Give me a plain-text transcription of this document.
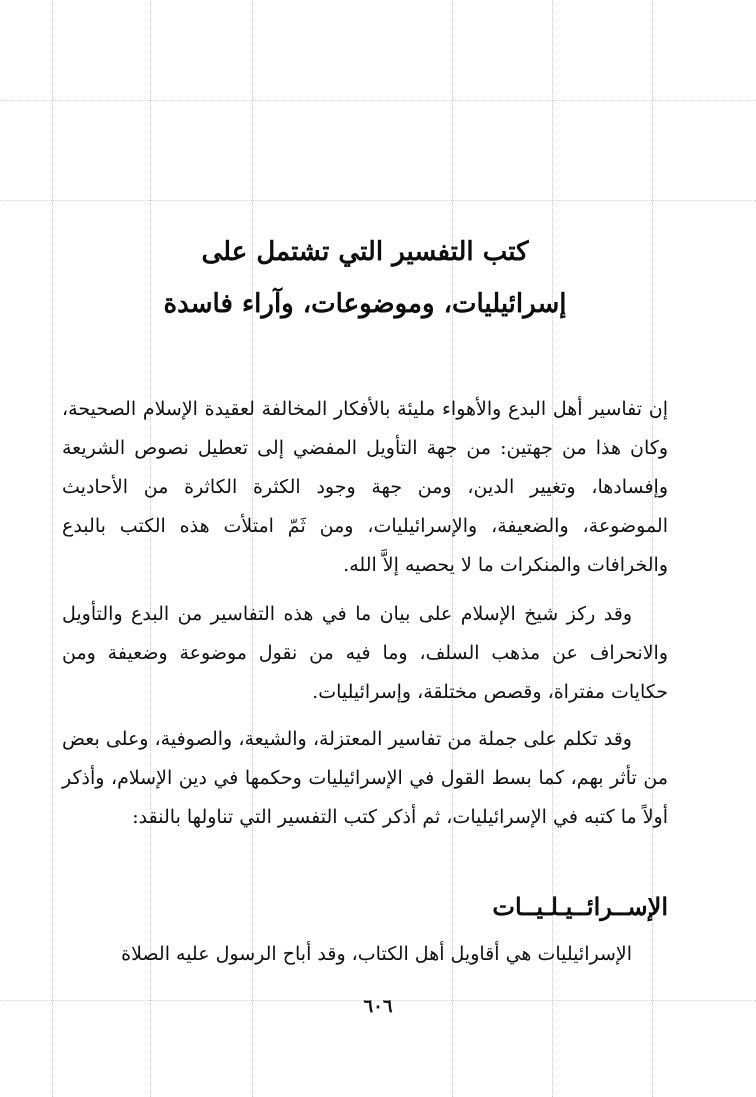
كتب التفسير التي تشتمل على
إسرائيليات، وموضوعات، وآراء فاسدة

إن تفاسير أهل البدع والأهواء مليئة بالأفكار المخالفة لعقيدة الإسلام الصحيحة، وكان هذا من جهتين: من جهة التأويل المفضي إلى تعطيل نصوص الشريعة وإفسادها، وتغيير الدين، ومن جهة وجود الكثرة الكاثرة من الأحاديث الموضوعة، والضعيفة، والإسرائيليات، ومن ثَمّ امتلأت هذه الكتب بالبدع والخرافات والمنكرات ما لا يحصيه إلاَّ الله.

وقد ركز شيخ الإسلام على بيان ما في هذه التفاسير من البدع والتأويل والانحراف عن مذهب السلف، وما فيه من نقول موضوعة وضعيفة ومن حكايات مفتراة، وقصص مختلقة، وإسرائيليات.

وقد تكلم على جملة من تفاسير المعتزلة، والشيعة، والصوفية، وعلى بعض من تأثر بهم، كما بسط القول في الإسرائيليات وحكمها في دين الإسلام، وأذكر أولاً ما كتبه في الإسرائيليات، ثم أذكر كتب التفسير التي تناولها بالنقد:

الإســرائــيـلـيــات

الإسرائيليات هي أقاويل أهل الكتاب، وقد أباح الرسول عليه الصلاة

٦٠٦
